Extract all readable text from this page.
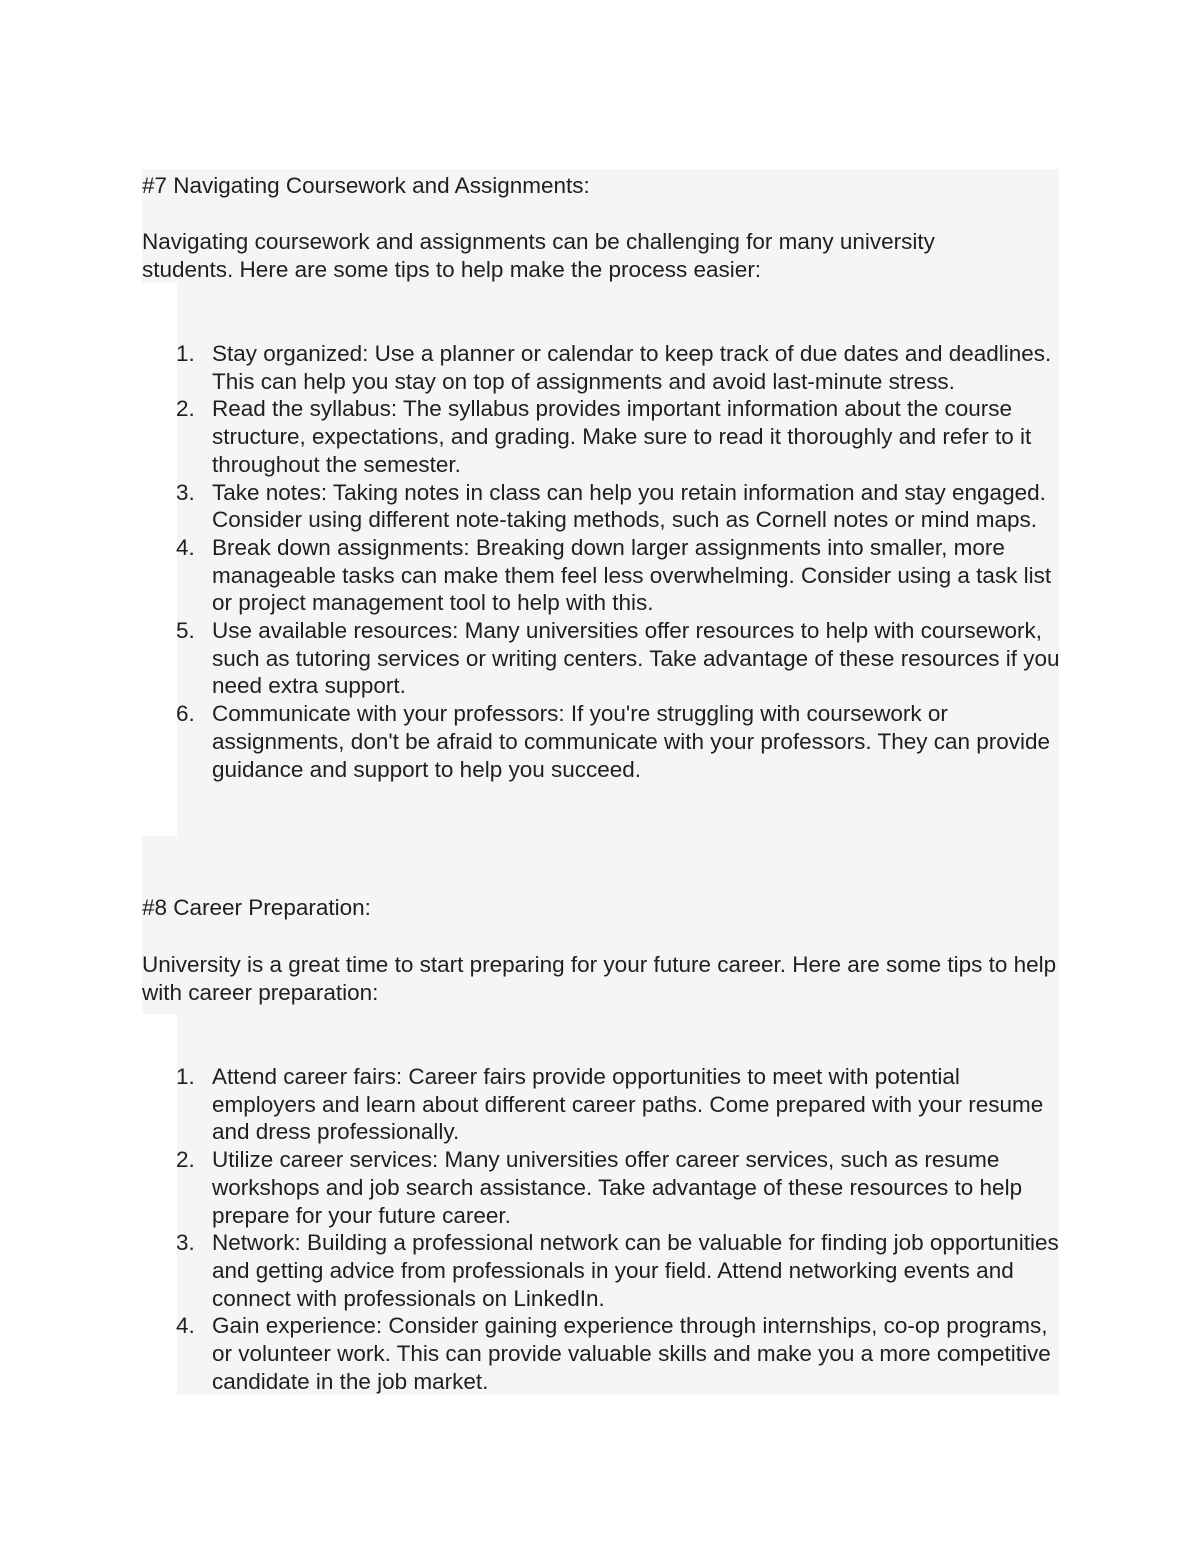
#7 Navigating Coursework and Assignments:

Navigating coursework and assignments can be challenging for many university students. Here are some tips to help make the process easier:

1. Stay organized: Use a planner or calendar to keep track of due dates and deadlines. This can help you stay on top of assignments and avoid last-minute stress.
2. Read the syllabus: The syllabus provides important information about the course structure, expectations, and grading. Make sure to read it thoroughly and refer to it throughout the semester.
3. Take notes: Taking notes in class can help you retain information and stay engaged. Consider using different note-taking methods, such as Cornell notes or mind maps.
4. Break down assignments: Breaking down larger assignments into smaller, more manageable tasks can make them feel less overwhelming. Consider using a task list or project management tool to help with this.
5. Use available resources: Many universities offer resources to help with coursework, such as tutoring services or writing centers. Take advantage of these resources if you need extra support.
6. Communicate with your professors: If you're struggling with coursework or assignments, don't be afraid to communicate with your professors. They can provide guidance and support to help you succeed.
#8 Career Preparation:

University is a great time to start preparing for your future career. Here are some tips to help with career preparation:

1. Attend career fairs: Career fairs provide opportunities to meet with potential employers and learn about different career paths. Come prepared with your resume and dress professionally.
2. Utilize career services: Many universities offer career services, such as resume workshops and job search assistance. Take advantage of these resources to help prepare for your future career.
3. Network: Building a professional network can be valuable for finding job opportunities and getting advice from professionals in your field. Attend networking events and connect with professionals on LinkedIn.
4. Gain experience: Consider gaining experience through internships, co-op programs, or volunteer work. This can provide valuable skills and make you a more competitive candidate in the job market.
